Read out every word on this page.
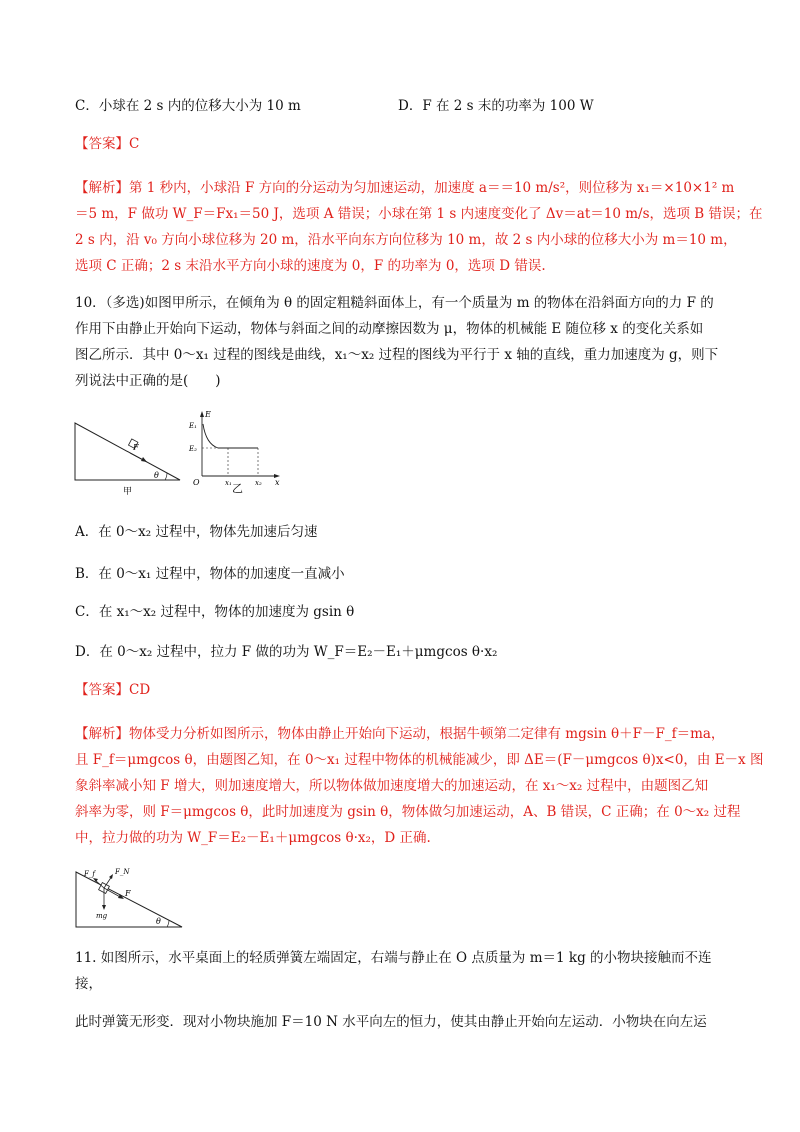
C．小球在 2 s 内的位移大小为 10 m	D．F 在 2 s 末的功率为 100 W
【答案】C
【解析】第 1 秒内，小球沿 F 方向的分运动为匀加速运动，加速度 a＝＝10 m/s²，则位移为 x₁＝×10×1² m
＝5 m，F 做功 W_F＝Fx₁＝50 J，选项 A 错误；小球在第 1 s 内速度变化了 Δv＝at＝10 m/s，选项 B 错误；在
2 s 内，沿 v₀ 方向小球位移为 20 m，沿水平向东方向位移为 10 m，故 2 s 内小球的位移大小为 m＝10 m，
选项 C 正确；2 s 末沿水平方向小球的速度为 0，F 的功率为 0，选项 D 错误.
10．（多选)如图甲所示，在倾角为 θ 的固定粗糙斜面体上，有一个质量为 m 的物体在沿斜面方向的力 F 的
作用下由静止开始向下运动，物体与斜面之间的动摩擦因数为 μ，物体的机械能 E 随位移 x 的变化关系如
图乙所示．其中 0～x₁ 过程的图线是曲线，x₁～x₂ 过程的图线为平行于 x 轴的直线，重力加速度为 g，则下
列说法中正确的是(　　)
F
θ
甲
E
E₁
E₂
O	x₁	x₂ x
乙
A．在 0～x₂ 过程中，物体先加速后匀速
B．在 0～x₁ 过程中，物体的加速度一直减小
C．在 x₁～x₂ 过程中，物体的加速度为 gsin θ
D．在 0～x₂ 过程中，拉力 F 做的功为 W_F＝E₂－E₁＋μmgcos θ·x₂
【答案】CD
【解析】物体受力分析如图所示，物体由静止开始向下运动，根据牛顿第二定律有 mgsin θ＋F－F_f＝ma，
且 F_f＝μmgcos θ，由题图乙知，在 0～x₁ 过程中物体的机械能减少，即 ΔE＝(F－μmgcos θ)x<0，由 E－x 图
象斜率减小知 F 增大，则加速度增大，所以物体做加速度增大的加速运动，在 x₁～x₂ 过程中，由题图乙知
斜率为零，则 F＝μmgcos θ，此时加速度为 gsin θ，物体做匀加速运动，A、B 错误，C 正确；在 0～x₂ 过程
中，拉力做的功为 W_F＝E₂－E₁＋μmgcos θ·x₂，D 正确.
F_f	F_N
F
mg
θ
11. 如图所示，水平桌面上的轻质弹簧左端固定，右端与静止在 O 点质量为 m＝1 kg 的小物块接触而不连
接，
此时弹簧无形变．现对小物块施加 F＝10 N 水平向左的恒力，使其由静止开始向左运动．小物块在向左运
